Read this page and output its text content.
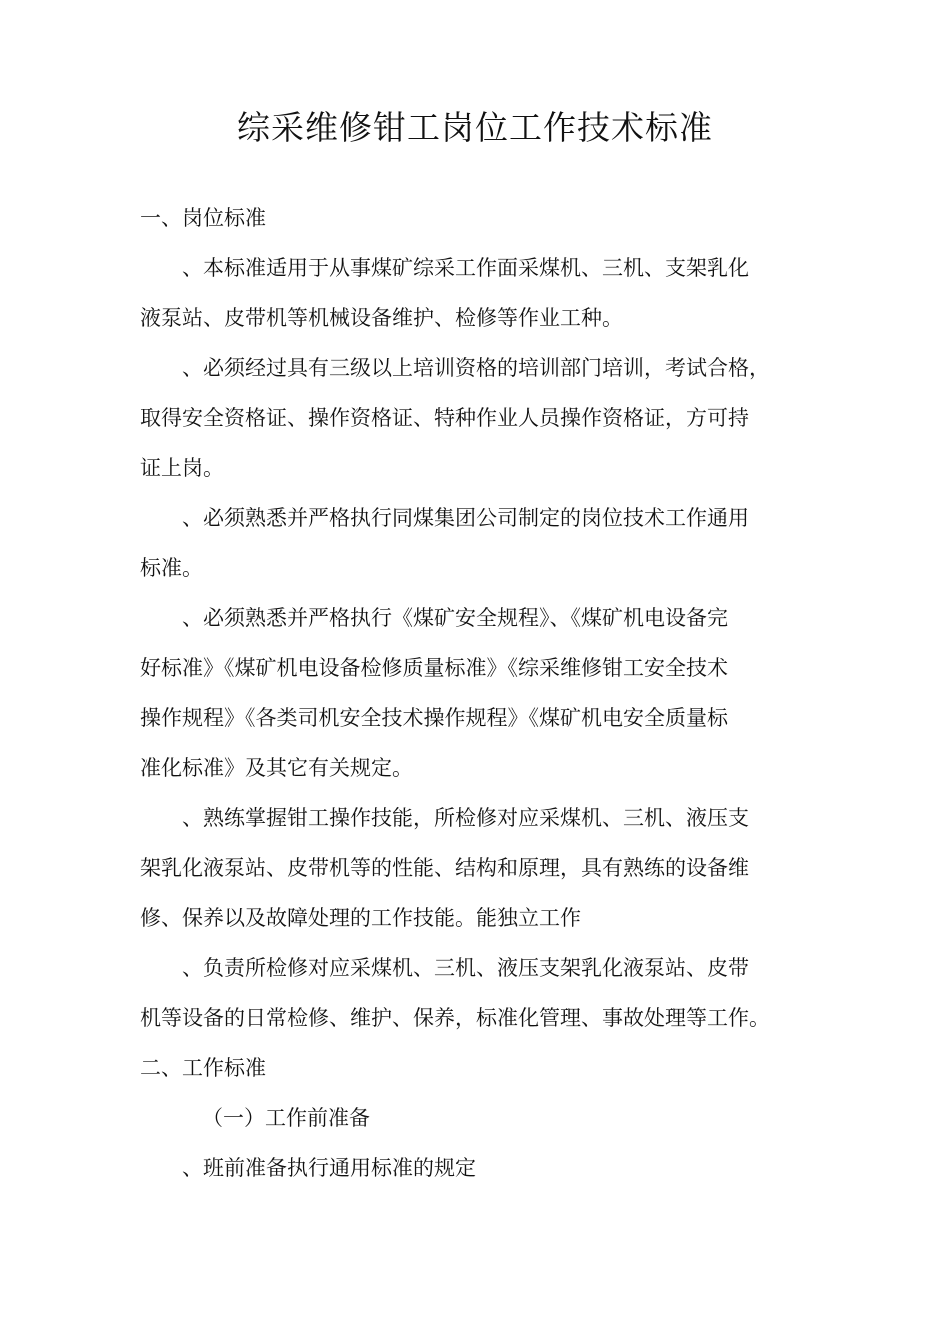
综采维修钳工岗位工作技术标准
一、岗位标准
、本标准适用于从事煤矿综采工作面采煤机、三机、支架乳化
液泵站、皮带机等机械设备维护、检修等作业工种。
、必须经过具有三级以上培训资格的培训部门培训，考试合格，
取得安全资格证、操作资格证、特种作业人员操作资格证，方可持
证上岗。
、必须熟悉并严格执行同煤集团公司制定的岗位技术工作通用
标准。
、必须熟悉并严格执行《煤矿安全规程》、《煤矿机电设备完
好标准》《煤矿机电设备检修质量标准》《综采维修钳工安全技术
操作规程》《各类司机安全技术操作规程》《煤矿机电安全质量标
准化标准》及其它有关规定。
、熟练掌握钳工操作技能，所检修对应采煤机、三机、液压支
架乳化液泵站、皮带机等的性能、结构和原理，具有熟练的设备维
修、保养以及故障处理的工作技能。能独立工作
、负责所检修对应采煤机、三机、液压支架乳化液泵站、皮带
机等设备的日常检修、维护、保养，标准化管理、事故处理等工作。
二、工作标准
（一）工作前准备
、班前准备执行通用标准的规定
